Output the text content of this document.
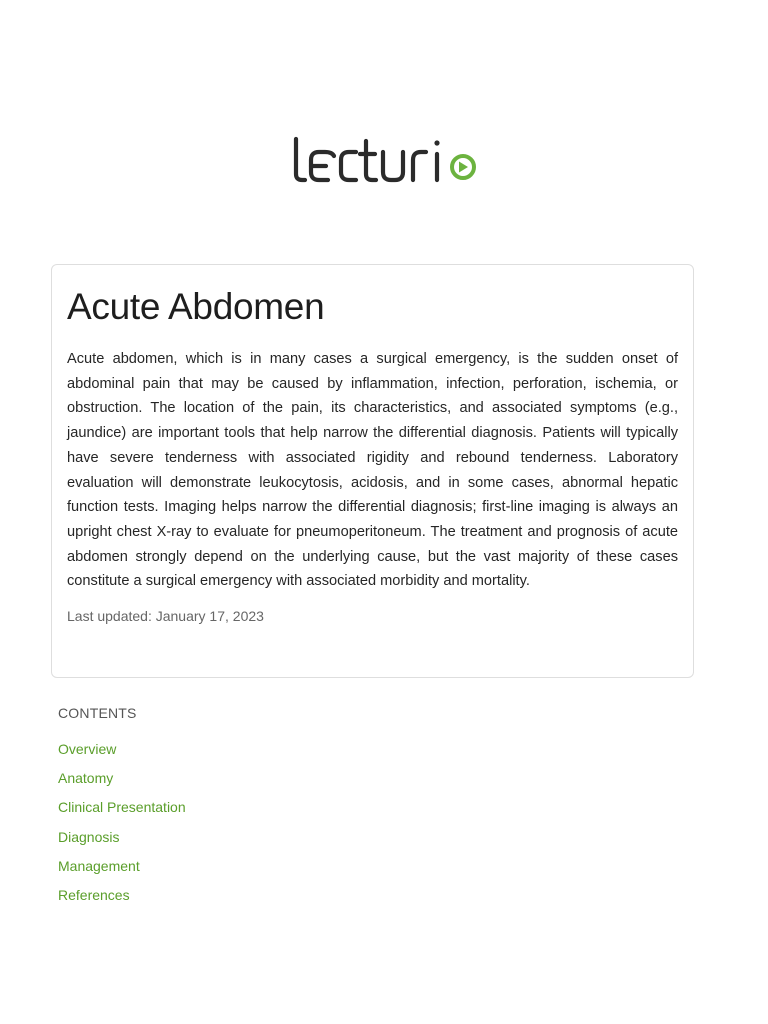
Acute Abdomen

Acute abdomen, which is in many cases a surgical emergency, is the sudden onset of abdominal pain that may be caused by inflammation, infection, perforation, ischemia, or obstruction. The location of the pain, its characteristics, and associated symptoms (e.g., jaundice) are important tools that help narrow the differential diagnosis. Patients will typically have severe tenderness with associated rigidity and rebound tenderness. Laboratory evaluation will demonstrate leukocytosis, acidosis, and in some cases, abnormal hepatic function tests. Imaging helps narrow the differential diagnosis; first-line imaging is always an upright chest X-ray to evaluate for pneumoperitoneum. The treatment and prognosis of acute abdomen strongly depend on the underlying cause, but the vast majority of these cases constitute a surgical emergency with associated morbidity and mortality.

Last updated: January 17, 2023
CONTENTS
Overview
Anatomy
Clinical Presentation
Diagnosis
Management
References
